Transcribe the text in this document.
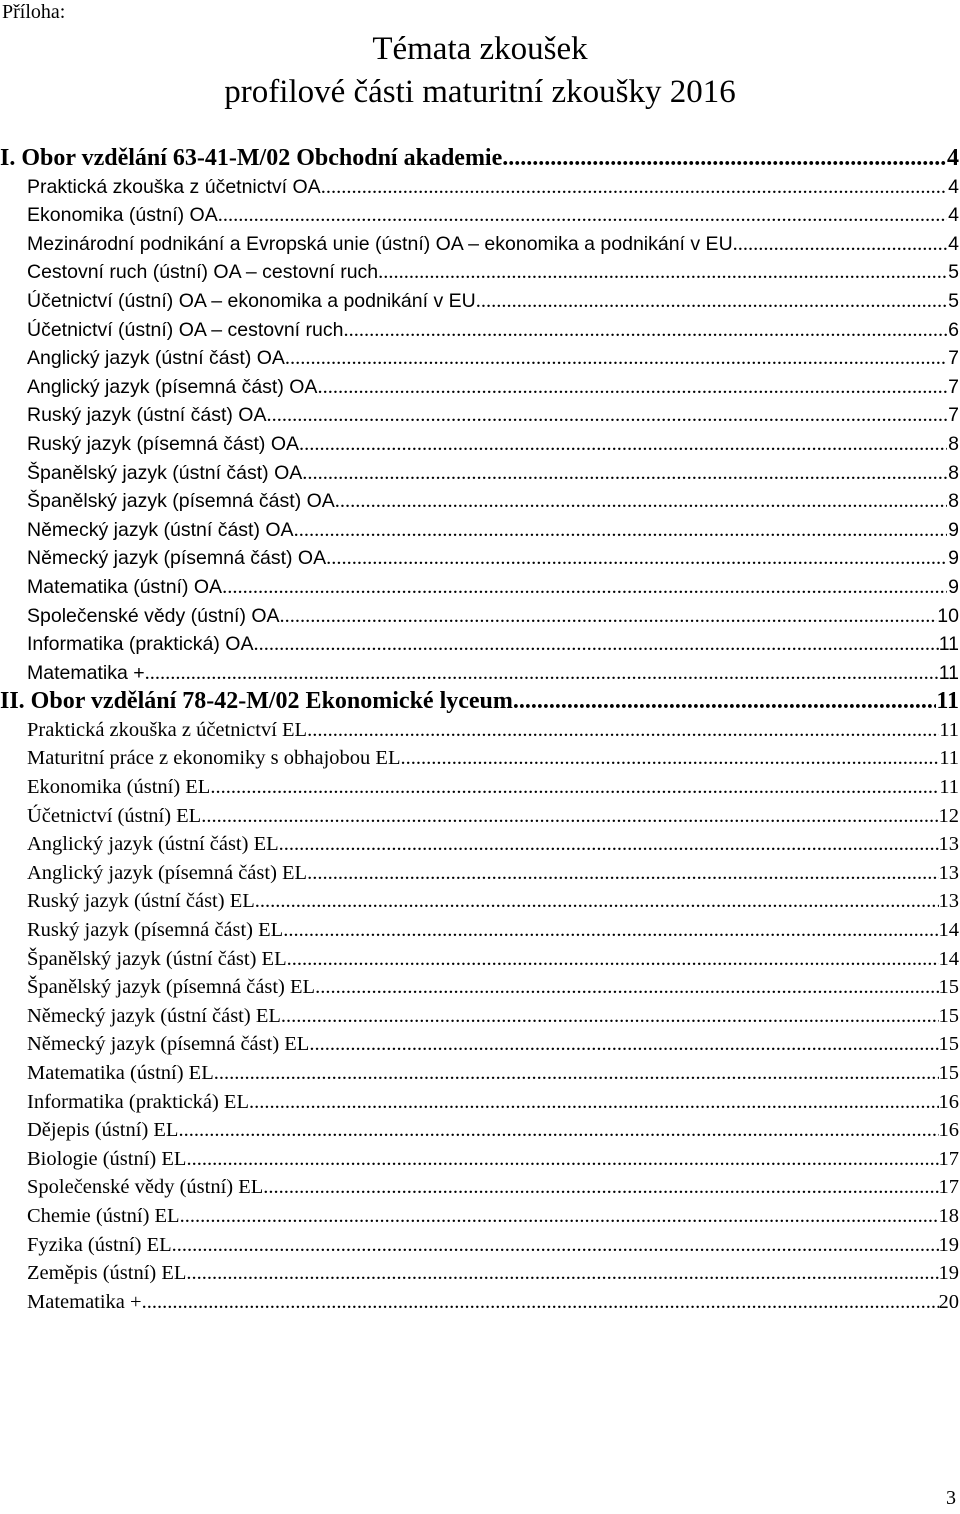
Příloha:
Témata zkoušek
profilové části maturitní zkoušky 2016
I. Obor vzdělání 63-41-M/02 Obchodní akademie .....	4
Praktická zkouška z účetnictví OA .....	4
Ekonomika (ústní) OA .....	4
Mezinárodní podnikání a Evropská unie (ústní) OA – ekonomika a podnikání v EU .....	4
Cestovní ruch (ústní) OA – cestovní ruch .....	5
Účetnictví (ústní) OA – ekonomika a podnikání v EU .....	5
Účetnictví (ústní) OA – cestovní ruch .....	6
Anglický jazyk (ústní část) OA .....	7
Anglický jazyk (písemná část) OA .....	7
Ruský jazyk (ústní část) OA .....	7
Ruský jazyk (písemná část) OA .....	8
Španělský jazyk (ústní část) OA .....	8
Španělský jazyk (písemná část) OA .....	8
Německý jazyk (ústní část) OA .....	9
Německý jazyk (písemná část) OA .....	9
Matematika (ústní) OA .....	9
Společenské vědy (ústní) OA .....	10
Informatika (praktická) OA .....	11
Matematika + .....	11
II. Obor vzdělání 78-42-M/02 Ekonomické lyceum .....	11
Praktická zkouška z účetnictví EL .....	11
Maturitní práce z ekonomiky s obhajobou EL .....	11
Ekonomika (ústní) EL .....	11
Účetnictví (ústní) EL .....	12
Anglický jazyk (ústní část) EL .....	13
Anglický jazyk (písemná část) EL .....	13
Ruský jazyk (ústní část) EL .....	13
Ruský jazyk (písemná část) EL .....	14
Španělský jazyk (ústní část) EL .....	14
Španělský jazyk (písemná část) EL .....	15
Německý jazyk (ústní část) EL .....	15
Německý jazyk (písemná část) EL .....	15
Matematika (ústní) EL .....	15
Informatika (praktická) EL .....	16
Dějepis (ústní) EL .....	16
Biologie (ústní) EL .....	17
Společenské vědy (ústní) EL .....	17
Chemie (ústní) EL .....	18
Fyzika (ústní) EL .....	19
Zeměpis (ústní) EL .....	19
Matematika + .....	20
3
